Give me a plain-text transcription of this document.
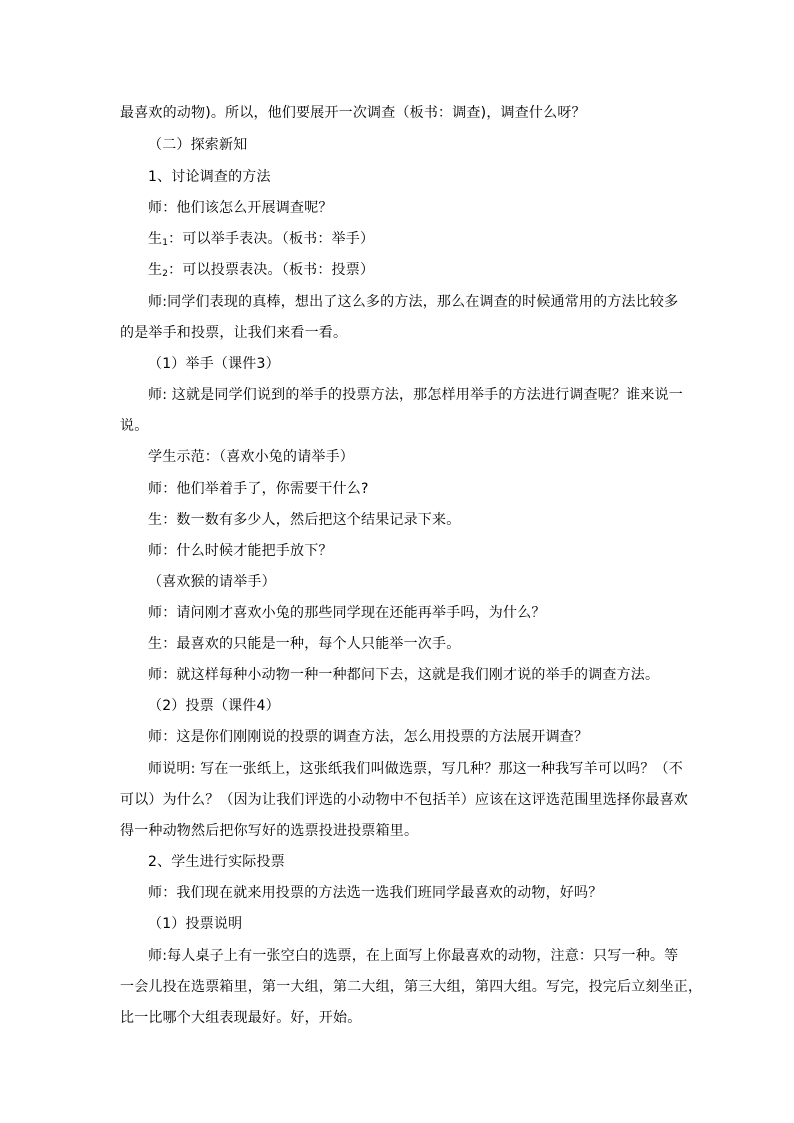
最喜欢的动物)。所以，他们要展开一次调查（板书：调查)，调查什么呀？
（二）探索新知
1、讨论调查的方法
师：他们该怎么开展调查呢？
生$_1$：可以举手表决。（板书：举手）
生$_2$：可以投票表决。（板书：投票）
师:同学们表现的真棒，想出了这么多的方法，那么在调查的时候通常用的方法比较多
的是举手和投票，让我们来看一看。
（1）举手（课件3）
师: 这就是同学们说到的举手的投票方法，那怎样用举手的方法进行调查呢？谁来说一
说。
学生示范：（喜欢小兔的请举手）
师：他们举着手了，你需要干什么?
生：数一数有多少人，然后把这个结果记录下来。
师：什么时候才能把手放下？
（喜欢猴的请举手）
师：请问刚才喜欢小兔的那些同学现在还能再举手吗，为什么？
生：最喜欢的只能是一种，每个人只能举一次手。
师：就这样每种小动物一种一种都问下去，这就是我们刚才说的举手的调查方法。
（2）投票（课件4）
师：这是你们刚刚说的投票的调查方法，怎么用投票的方法展开调查？
师说明: 写在一张纸上，这张纸我们叫做选票，写几种？那这一种我写羊可以吗？（不
可以）为什么？（因为让我们评选的小动物中不包括羊）应该在这评选范围里选择你最喜欢
得一种动物然后把你写好的选票投进投票箱里。
2、学生进行实际投票
师：我们现在就来用投票的方法选一选我们班同学最喜欢的动物，好吗？
（1）投票说明
师:每人桌子上有一张空白的选票，在上面写上你最喜欢的动物，注意：只写一种。等
一会儿投在选票箱里，第一大组，第二大组，第三大组，第四大组。写完，投完后立刻坐正，
比一比哪个大组表现最好。好，开始。
